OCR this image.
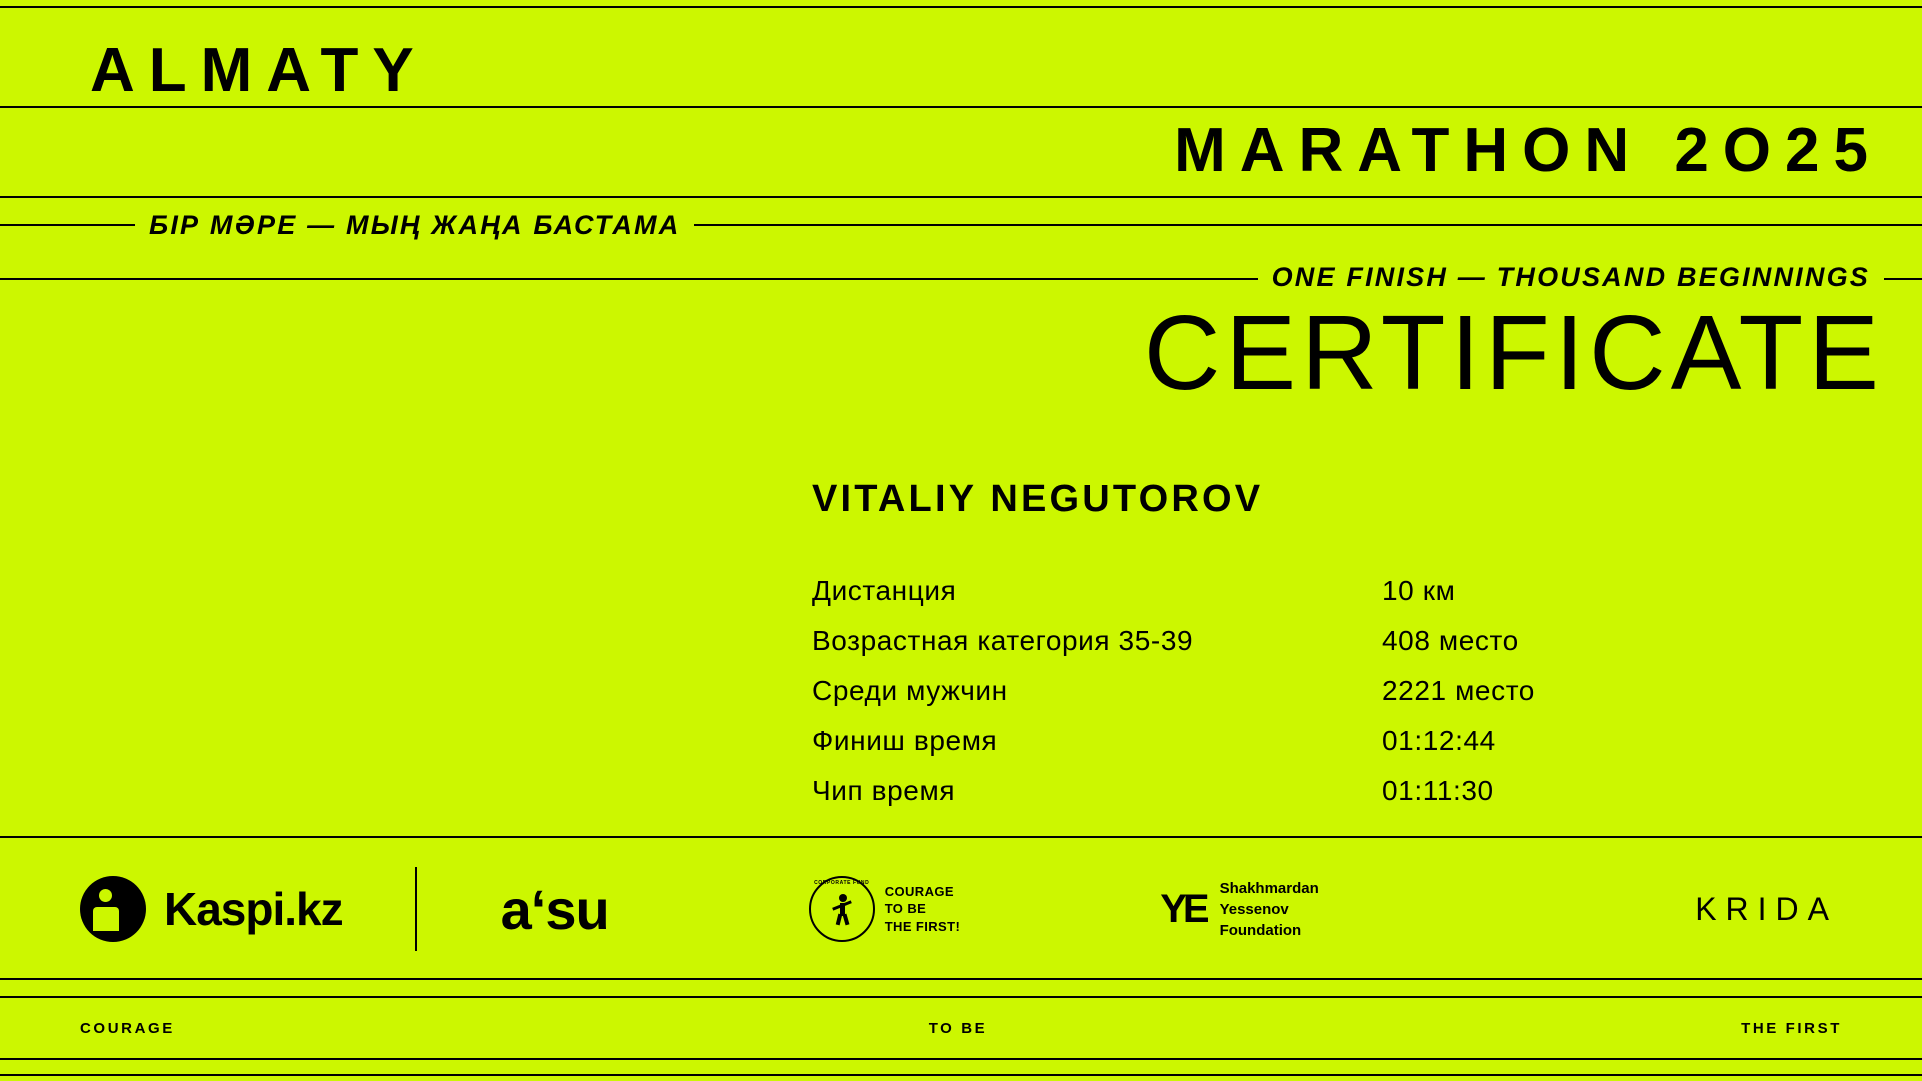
ALMATY
MARATHON 2O25
БІР МӘРЕ — МЫҢ ЖАҢА БАСТАМА
ONE FINISH — THOUSAND BEGINNINGS
CERTIFICATE
VITALIY NEGUTOROV
Дистанция	10 км
Возрастная категория 35-39	408 место
Среди мужчин	2221 место
Финиш время	01:12:44
Чип время	01:11:30
Kaspi.kz	aʻsu	CORPORATE FUND
COURAGE
TO BE
THE FIRST!	YE Shakhmardan
Yessenov
Foundation
KRIDA
COURAGE	TO BE	THE FIRST
